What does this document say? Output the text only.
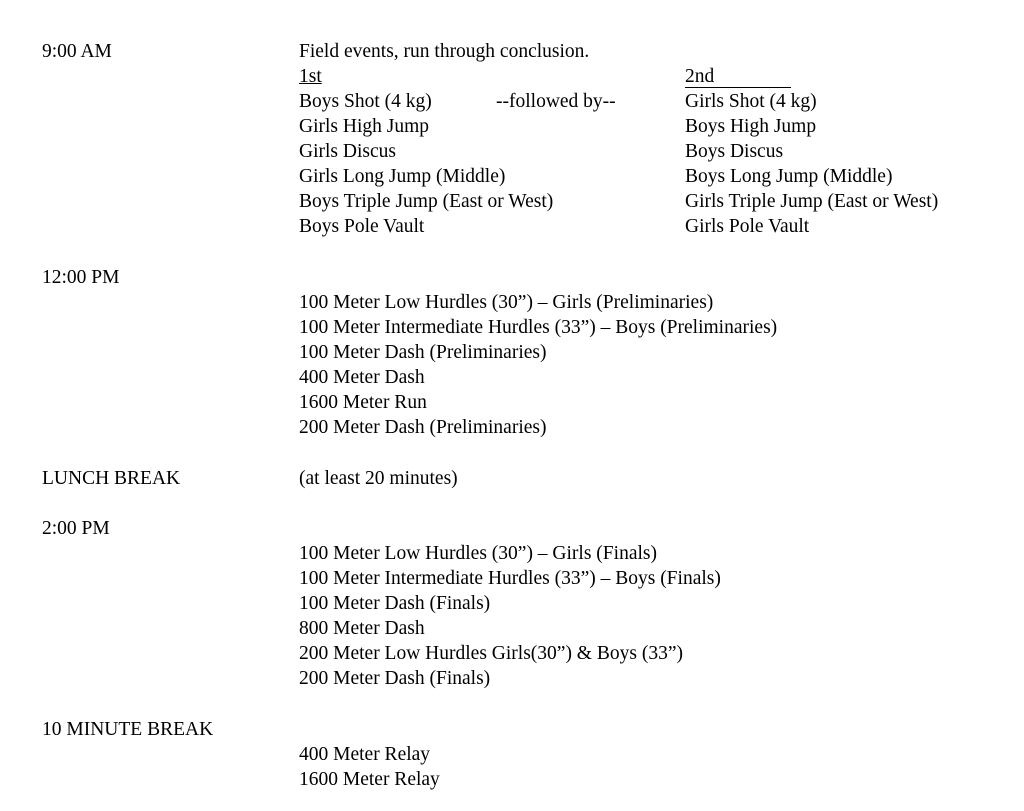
9:00 AM	Field events, run through conclusion.
1st	2nd
Boys Shot (4 kg)	--followed by--	Girls Shot (4 kg)
Girls High Jump	Boys High Jump
Girls Discus	Boys Discus
Girls Long Jump (Middle)	Boys Long Jump (Middle)
Boys Triple Jump (East or West)	Girls Triple Jump (East or West)
Boys Pole Vault	Girls Pole Vault
12:00 PM
100 Meter Low Hurdles (30”) – Girls (Preliminaries)
100 Meter Intermediate Hurdles (33”) – Boys (Preliminaries)
100 Meter Dash (Preliminaries)
400 Meter Dash
1600 Meter Run
200 Meter Dash (Preliminaries)
LUNCH BREAK	(at least 20 minutes)
2:00 PM
100 Meter Low Hurdles (30”) – Girls (Finals)
100 Meter Intermediate Hurdles (33”) – Boys (Finals)
100 Meter Dash (Finals)
800 Meter Dash
200 Meter Low Hurdles Girls(30”) & Boys (33”)
200 Meter Dash (Finals)
10 MINUTE BREAK
400 Meter Relay
1600 Meter Relay
